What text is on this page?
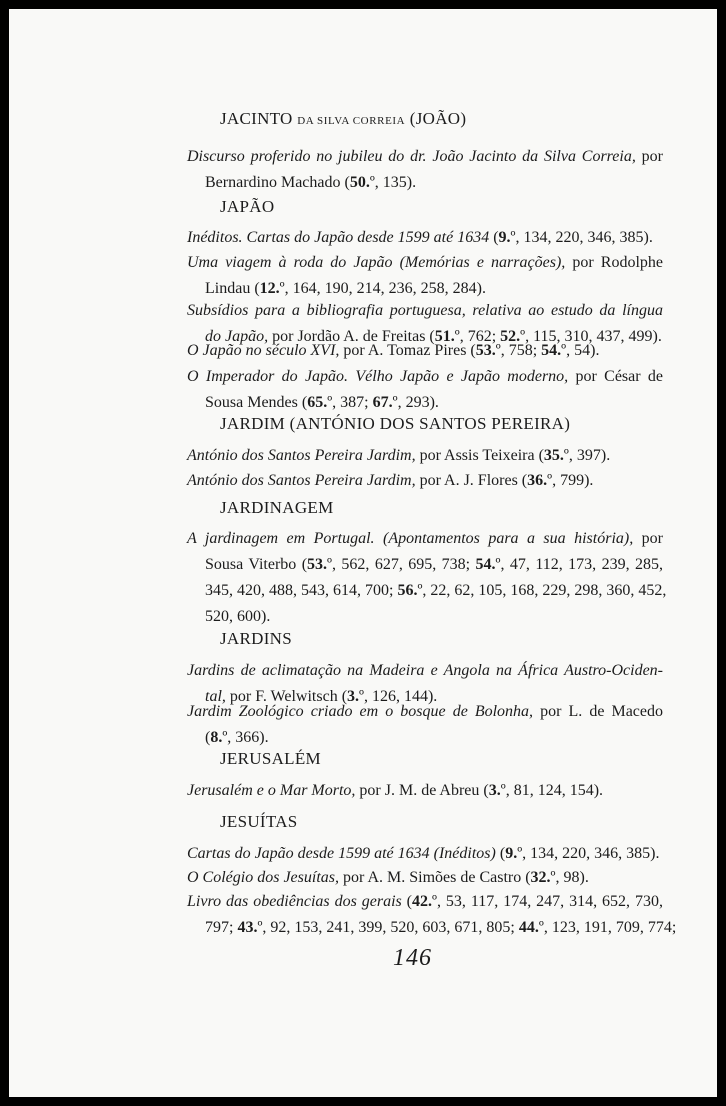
JACINTO DA SILVA CORREIA (JOÃO)
Discurso proferido no jubileu do dr. João Jacinto da Silva Correia, por
Bernardino Machado (50.º, 135).
JAPÃO
Inéditos. Cartas do Japão desde 1599 até 1634 (9.º, 134, 220, 346, 385).
Uma viagem à roda do Japão (Memórias e narrações), por Rodolphe
Lindau (12.º, 164, 190, 214, 236, 258, 284).
Subsídios para a bibliografia portuguesa, relativa ao estudo da língua
do Japão, por Jordão A. de Freitas (51.º, 762; 52.º, 115, 310, 437, 499).
O Japão no século XVI, por A. Tomaz Pires (53.º, 758; 54.º, 54).
O Imperador do Japão. Vélho Japão e Japão moderno, por César de
Sousa Mendes (65.º, 387; 67.º, 293).
JARDIM (ANTÓNIO DOS SANTOS PEREIRA)
António dos Santos Pereira Jardim, por Assis Teixeira (35.º, 397).
António dos Santos Pereira Jardim, por A. J. Flores (36.º, 799).
JARDINAGEM
A jardinagem em Portugal. (Apontamentos para a sua história), por
Sousa Viterbo (53.º, 562, 627, 695, 738; 54.º, 47, 112, 173, 239, 285,
345, 420, 488, 543, 614, 700; 56.º, 22, 62, 105, 168, 229, 298, 360, 452,
520, 600).
JARDINS
Jardins de aclimatação na Madeira e Angola na África Austro-Ociden-
tal, por F. Welwitsch (3.º, 126, 144).
Jardim Zoológico criado em o bosque de Bolonha, por L. de Macedo
(8.º, 366).
JERUSALÉM
Jerusalém e o Mar Morto, por J. M. de Abreu (3.º, 81, 124, 154).
JESUÍTAS
Cartas do Japão desde 1599 até 1634 (Inéditos) (9.º, 134, 220, 346, 385).
O Colégio dos Jesuítas, por A. M. Simões de Castro (32.º, 98).
Livro das obediências dos gerais (42.º, 53, 117, 174, 247, 314, 652, 730,
797; 43.º, 92, 153, 241, 399, 520, 603, 671, 805; 44.º, 123, 191, 709, 774;
146
